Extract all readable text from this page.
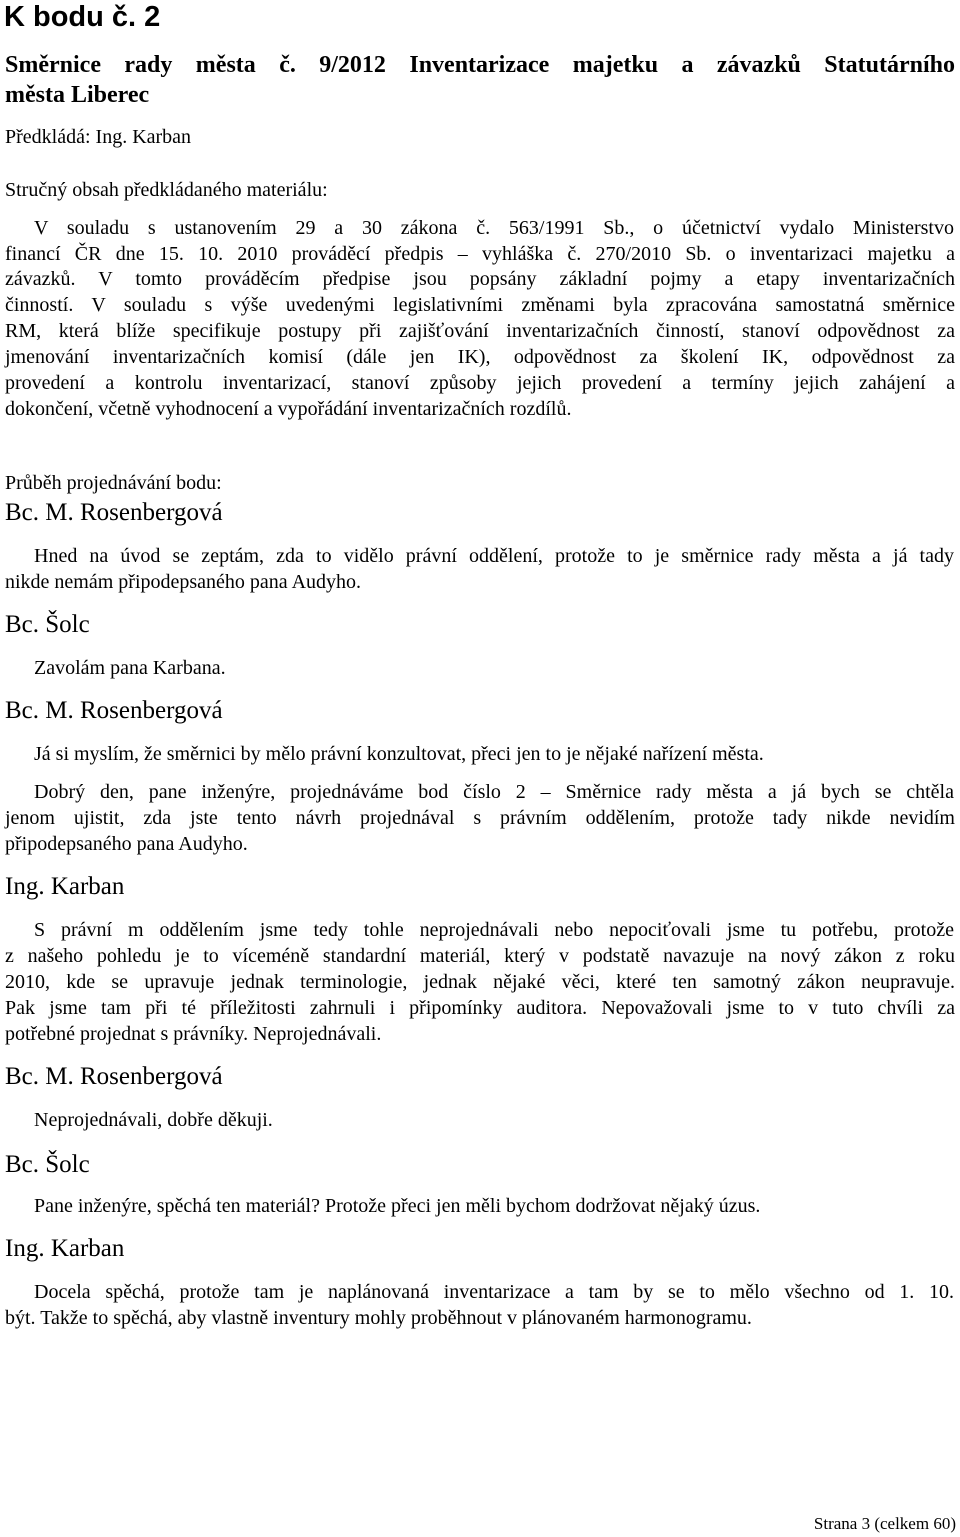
K bodu č. 2
Směrnice rady města č. 9/2012 Inventarizace majetku a závazků Statutárního
města Liberec
Předkládá: Ing. Karban
Stručný obsah předkládaného materiálu:
V souladu s ustanovením 29 a 30 zákona č. 563/1991 Sb., o účetnictví vydalo Ministerstvo
financí ČR dne 15. 10. 2010 prováděcí předpis – vyhláška č. 270/2010 Sb. o inventarizaci majetku a
závazků. V tomto prováděcím předpise jsou popsány základní pojmy a etapy inventarizačních
činností. V souladu s výše uvedenými legislativními změnami byla zpracována samostatná směrnice
RM, která blíže specifikuje postupy při zajišťování inventarizačních činností, stanoví odpovědnost za
jmenování inventarizačních komisí (dále jen IK), odpovědnost za školení IK, odpovědnost za
provedení a kontrolu inventarizací, stanoví způsoby jejich provedení a termíny jejich zahájení a
dokončení, včetně vyhodnocení a vypořádání inventarizačních rozdílů.
Průběh projednávání bodu:
Bc. M. Rosenbergová
Hned na úvod se zeptám, zda to vidělo právní oddělení, protože to je směrnice rady města a já tady
nikde nemám připodepsaného pana Audyho.
Bc. Šolc
Zavolám pana Karbana.
Bc. M. Rosenbergová
Já si myslím, že směrnici by mělo právní konzultovat, přeci jen to je nějaké nařízení města.
Dobrý den, pane inženýre, projednáváme bod číslo 2 – Směrnice rady města a já bych se chtěla
jenom ujistit, zda jste tento návrh projednával s právním oddělením, protože tady nikde nevidím
připodepsaného pana Audyho.
Ing. Karban
S právní m oddělením jsme tedy tohle neprojednávali nebo nepociťovali jsme tu potřebu, protože
z našeho pohledu je to víceméně standardní materiál, který v podstatě navazuje na nový zákon z roku
2010, kde se upravuje jednak terminologie, jednak nějaké věci, které ten samotný zákon neupravuje.
Pak jsme tam při té příležitosti zahrnuli i připomínky auditora. Nepovažovali jsme to v tuto chvíli za
potřebné projednat s právníky. Neprojednávali.
Bc. M. Rosenbergová
Neprojednávali, dobře děkuji.
Bc. Šolc
Pane inženýre, spěchá ten materiál? Protože přeci jen měli bychom dodržovat nějaký úzus.
Ing. Karban
Docela spěchá, protože tam je naplánovaná inventarizace a tam by se to mělo všechno od 1. 10.
být. Takže to spěchá, aby vlastně inventury mohly proběhnout v plánovaném harmonogramu.
Strana 3 (celkem 60)
